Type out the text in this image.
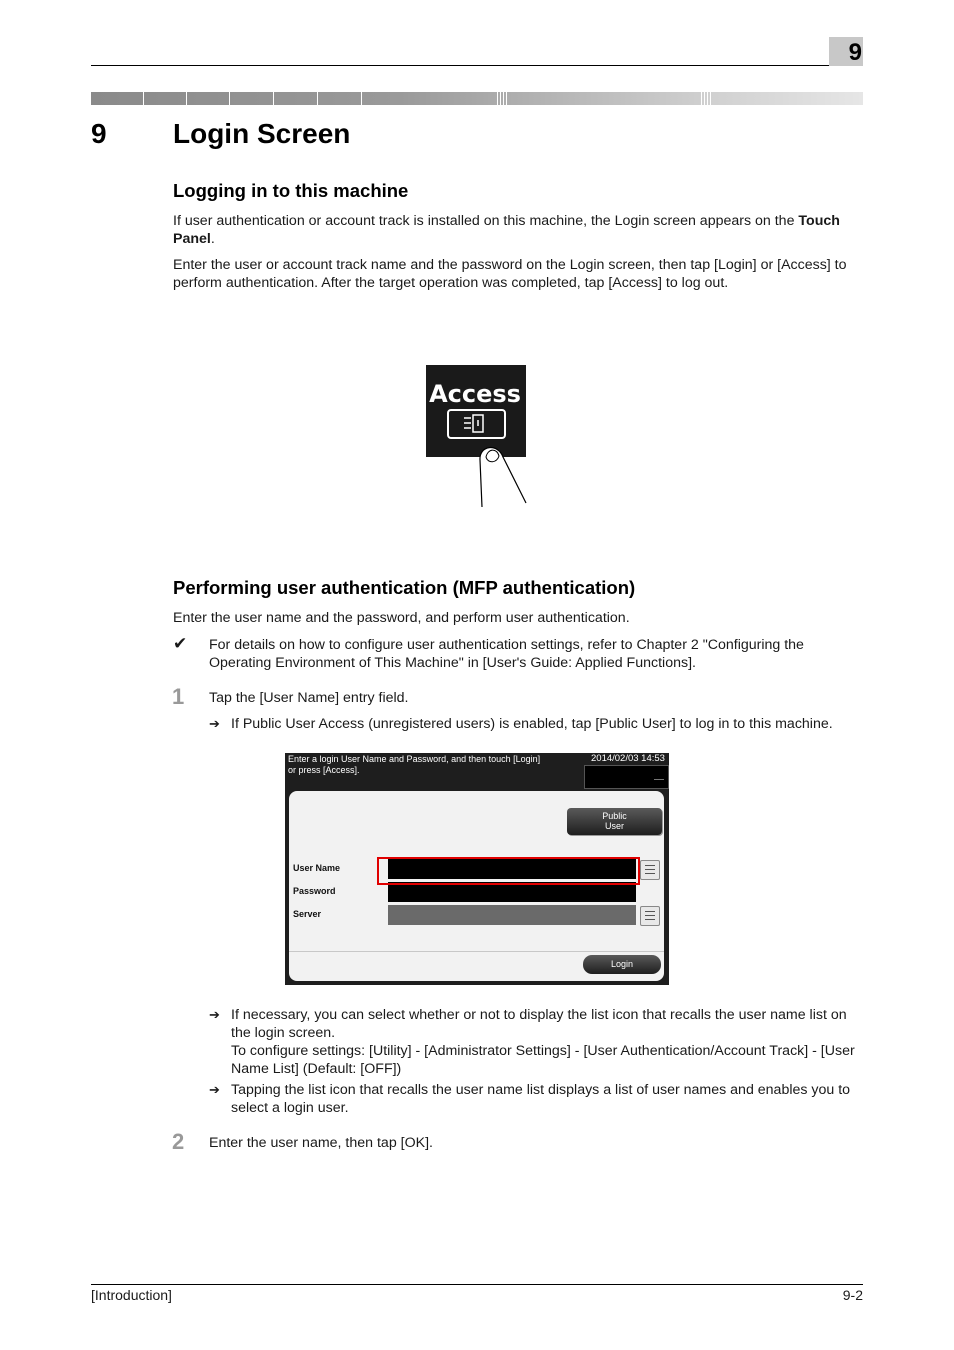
9
9 Login Screen
Logging in to this machine
If user authentication or account track is installed on this machine, the Login screen appears on the Touch Panel.
Enter the user or account track name and the password on the Login screen, then tap [Login] or [Access] to perform authentication. After the target operation was completed, tap [Access] to log out.
Access
Performing user authentication (MFP authentication)
Enter the user name and the password, and perform user authentication.
✔ For details on how to configure user authentication settings, refer to Chapter 2 "Configuring the Operating Environment of This Machine" in [User's Guide: Applied Functions].
1 Tap the [User Name] entry field.
➔ If Public User Access (unregistered users) is enabled, tap [Public User] to log in to this machine.
Enter a login User Name and Password, and then touch [Login] or press [Access].
2014/02/03 14:53
Public
User
User Name
Password
Server
Login
➔ If necessary, you can select whether or not to display the list icon that recalls the user name list on the login screen.
To configure settings: [Utility] - [Administrator Settings] - [User Authentication/Account Track] - [User Name List] (Default: [OFF])
➔ Tapping the list icon that recalls the user name list displays a list of user names and enables you to select a login user.
2 Enter the user name, then tap [OK].
[Introduction]	9-2
